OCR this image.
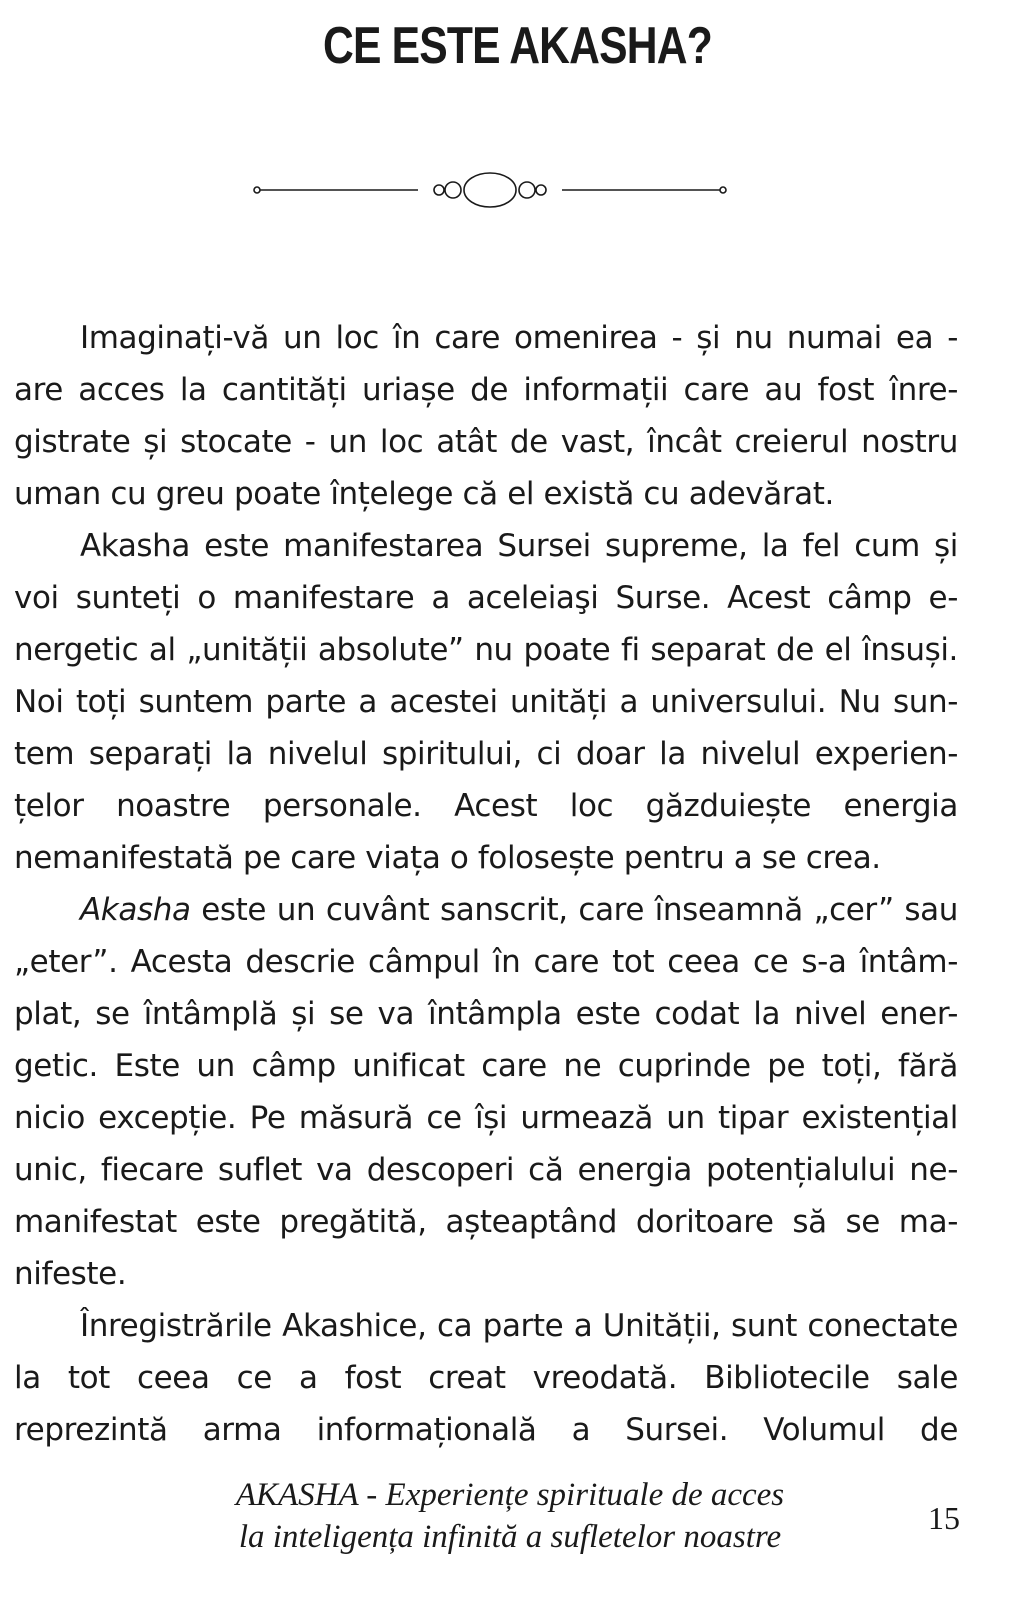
CE ESTE AKASHA?
Imaginați-vă un loc în care omenirea - și nu numai ea -
are acces la cantități uriașe de informații care au fost înre-
gistrate și stocate - un loc atât de vast, încât creierul nostru
uman cu greu poate înțelege că el există cu adevărat.
Akasha este manifestarea Sursei supreme, la fel cum și
voi sunteți o manifestare a aceleiaşi Surse. Acest câmp e-
nergetic al „unității absolute” nu poate fi separat de el însuși.
Noi toți suntem parte a acestei unități a universului. Nu sun-
tem separați la nivelul spiritului, ci doar la nivelul experien-
țelor noastre personale. Acest loc găzduiește energia
nemanifestată pe care viața o folosește pentru a se crea.
Akasha este un cuvânt sanscrit, care înseamnă „cer” sau
„eter”. Acesta descrie câmpul în care tot ceea ce s-a întâm-
plat, se întâmplă și se va întâmpla este codat la nivel ener-
getic. Este un câmp unificat care ne cuprinde pe toți, fără
nicio excepție. Pe măsură ce își urmează un tipar existențial
unic, fiecare suflet va descoperi că energia potențialului ne-
manifestat este pregătită, așteaptând doritoare să se ma-
nifeste.
Înregistrările Akashice, ca parte a Unității, sunt conectate
la tot ceea ce a fost creat vreodată. Bibliotecile sale
reprezintă arma informațională a Sursei. Volumul de
AKASHA - Experiențe spirituale de acces
la inteligența infinită a sufletelor noastre
15
